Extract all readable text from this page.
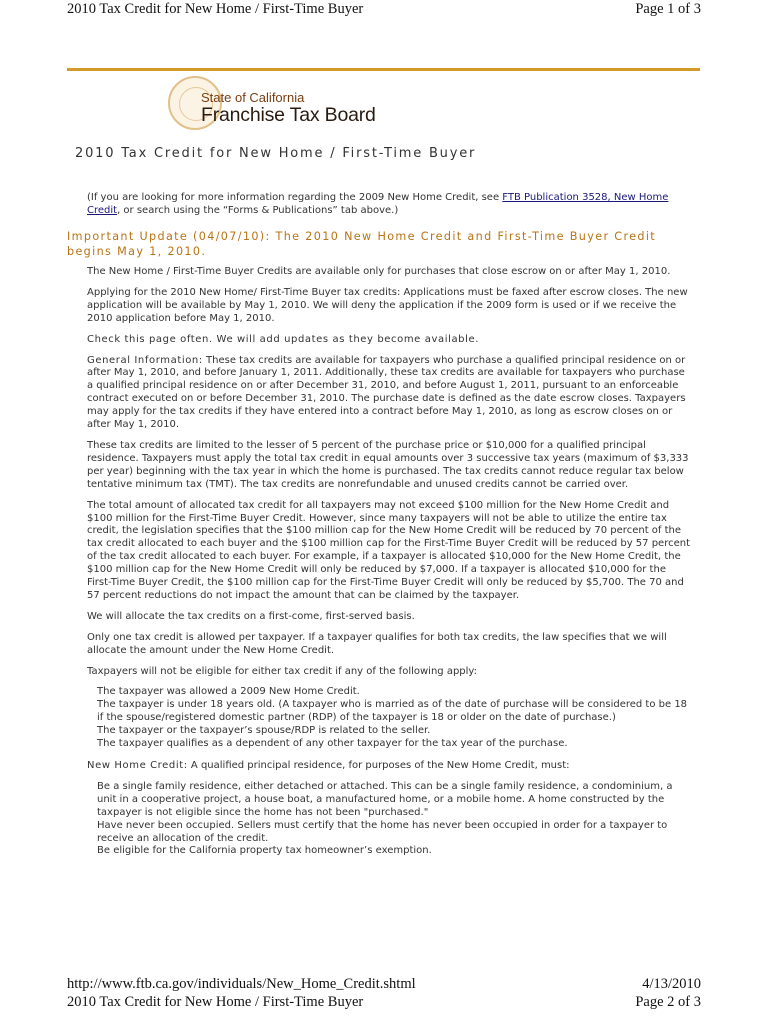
2010 Tax Credit for New Home / First-Time Buyer	Page 1 of 3
State of California
Franchise Tax Board
2010 Tax Credit for New Home / First-Time Buyer
(If you are looking for more information regarding the 2009 New Home Credit, see FTB Publication 3528, New Home Credit, or search using the “Forms & Publications” tab above.)
Important Update (04/07/10): The 2010 New Home Credit and First-Time Buyer Credit begins May 1, 2010.

The New Home / First-Time Buyer Credits are available only for purchases that close escrow on or after May 1, 2010.

Applying for the 2010 New Home/ First-Time Buyer tax credits: Applications must be faxed after escrow closes. The new application will be available by May 1, 2010. We will deny the application if the 2009 form is used or if we receive the 2010 application before May 1, 2010.

Check this page often. We will add updates as they become available.

General Information: These tax credits are available for taxpayers who purchase a qualified principal residence on or after May 1, 2010, and before January 1, 2011. Additionally, these tax credits are available for taxpayers who purchase a qualified principal residence on or after December 31, 2010, and before August 1, 2011, pursuant to an enforceable contract executed on or before December 31, 2010. The purchase date is defined as the date escrow closes. Taxpayers may apply for the tax credits if they have entered into a contract before May 1, 2010, as long as escrow closes on or after May 1, 2010.

These tax credits are limited to the lesser of 5 percent of the purchase price or $10,000 for a qualified principal residence. Taxpayers must apply the total tax credit in equal amounts over 3 successive tax years (maximum of $3,333 per year) beginning with the tax year in which the home is purchased. The tax credits cannot reduce regular tax below tentative minimum tax (TMT). The tax credits are nonrefundable and unused credits cannot be carried over.

The total amount of allocated tax credit for all taxpayers may not exceed $100 million for the New Home Credit and $100 million for the First-Time Buyer Credit. However, since many taxpayers will not be able to utilize the entire tax credit, the legislation specifies that the $100 million cap for the New Home Credit will be reduced by 70 percent of the tax credit allocated to each buyer and the $100 million cap for the First-Time Buyer Credit will be reduced by 57 percent of the tax credit allocated to each buyer. For example, if a taxpayer is allocated $10,000 for the New Home Credit, the $100 million cap for the New Home Credit will only be reduced by $7,000. If a taxpayer is allocated $10,000 for the First-Time Buyer Credit, the $100 million cap for the First-Time Buyer Credit will only be reduced by $5,700. The 70 and 57 percent reductions do not impact the amount that can be claimed by the taxpayer.

We will allocate the tax credits on a first-come, first-served basis.

Only one tax credit is allowed per taxpayer. If a taxpayer qualifies for both tax credits, the law specifies that we will allocate the amount under the New Home Credit.

Taxpayers will not be eligible for either tax credit if any of the following apply:

The taxpayer was allowed a 2009 New Home Credit.
The taxpayer is under 18 years old. (A taxpayer who is married as of the date of purchase will be considered to be 18 if the spouse/registered domestic partner (RDP) of the taxpayer is 18 or older on the date of purchase.)
The taxpayer or the taxpayer’s spouse/RDP is related to the seller.
The taxpayer qualifies as a dependent of any other taxpayer for the tax year of the purchase.

New Home Credit: A qualified principal residence, for purposes of the New Home Credit, must:

Be a single family residence, either detached or attached. This can be a single family residence, a condominium, a unit in a cooperative project, a house boat, a manufactured home, or a mobile home. A home constructed by the taxpayer is not eligible since the home has not been "purchased."
Have never been occupied. Sellers must certify that the home has never been occupied in order for a taxpayer to receive an allocation of the credit.
Be eligible for the California property tax homeowner’s exemption.
http://www.ftb.ca.gov/individuals/New_Home_Credit.shtml	4/13/2010
2010 Tax Credit for New Home / First-Time Buyer	Page 2 of 3
